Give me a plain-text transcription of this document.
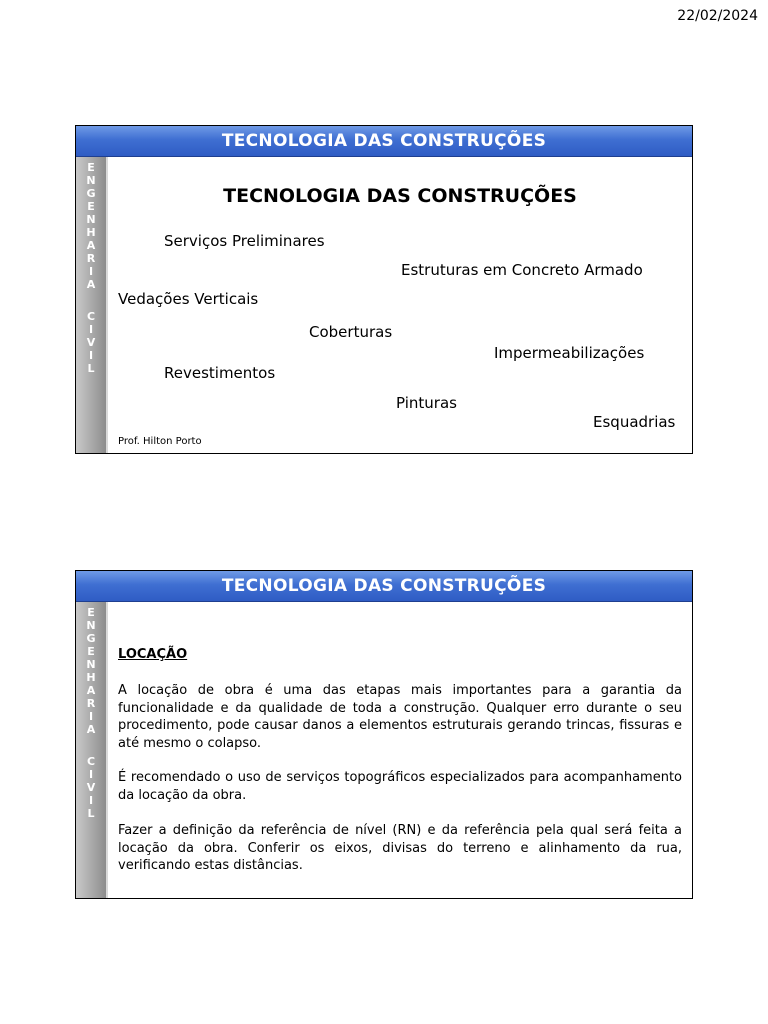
22/02/2024
TECNOLOGIA DAS CONSTRUÇÕES
E
N
G
E
N
H
A
R
I
A
C
I
V
I
L
TECNOLOGIA DAS CONSTRUÇÕES
Serviços Preliminares
Estruturas em Concreto Armado
Vedações Verticais
Coberturas
Impermeabilizações
Revestimentos
Pinturas
Esquadrias
Prof. Hilton Porto
TECNOLOGIA DAS CONSTRUÇÕES
E
N
G
E
N
H
A
R
I
A
C
I
V
I
L
LOCAÇÃO
A locação de obra é uma das etapas mais importantes para a garantia da funcionalidade e da qualidade de toda a construção. Qualquer erro durante o seu procedimento, pode causar danos a elementos estruturais gerando trincas, fissuras e até mesmo o colapso.
É recomendado o uso de serviços topográficos especializados para acompanhamento da locação da obra.
Fazer a definição da referência de nível (RN) e da referência pela qual será feita a locação da obra. Conferir os eixos, divisas do terreno e alinhamento da rua, verificando estas distâncias.
